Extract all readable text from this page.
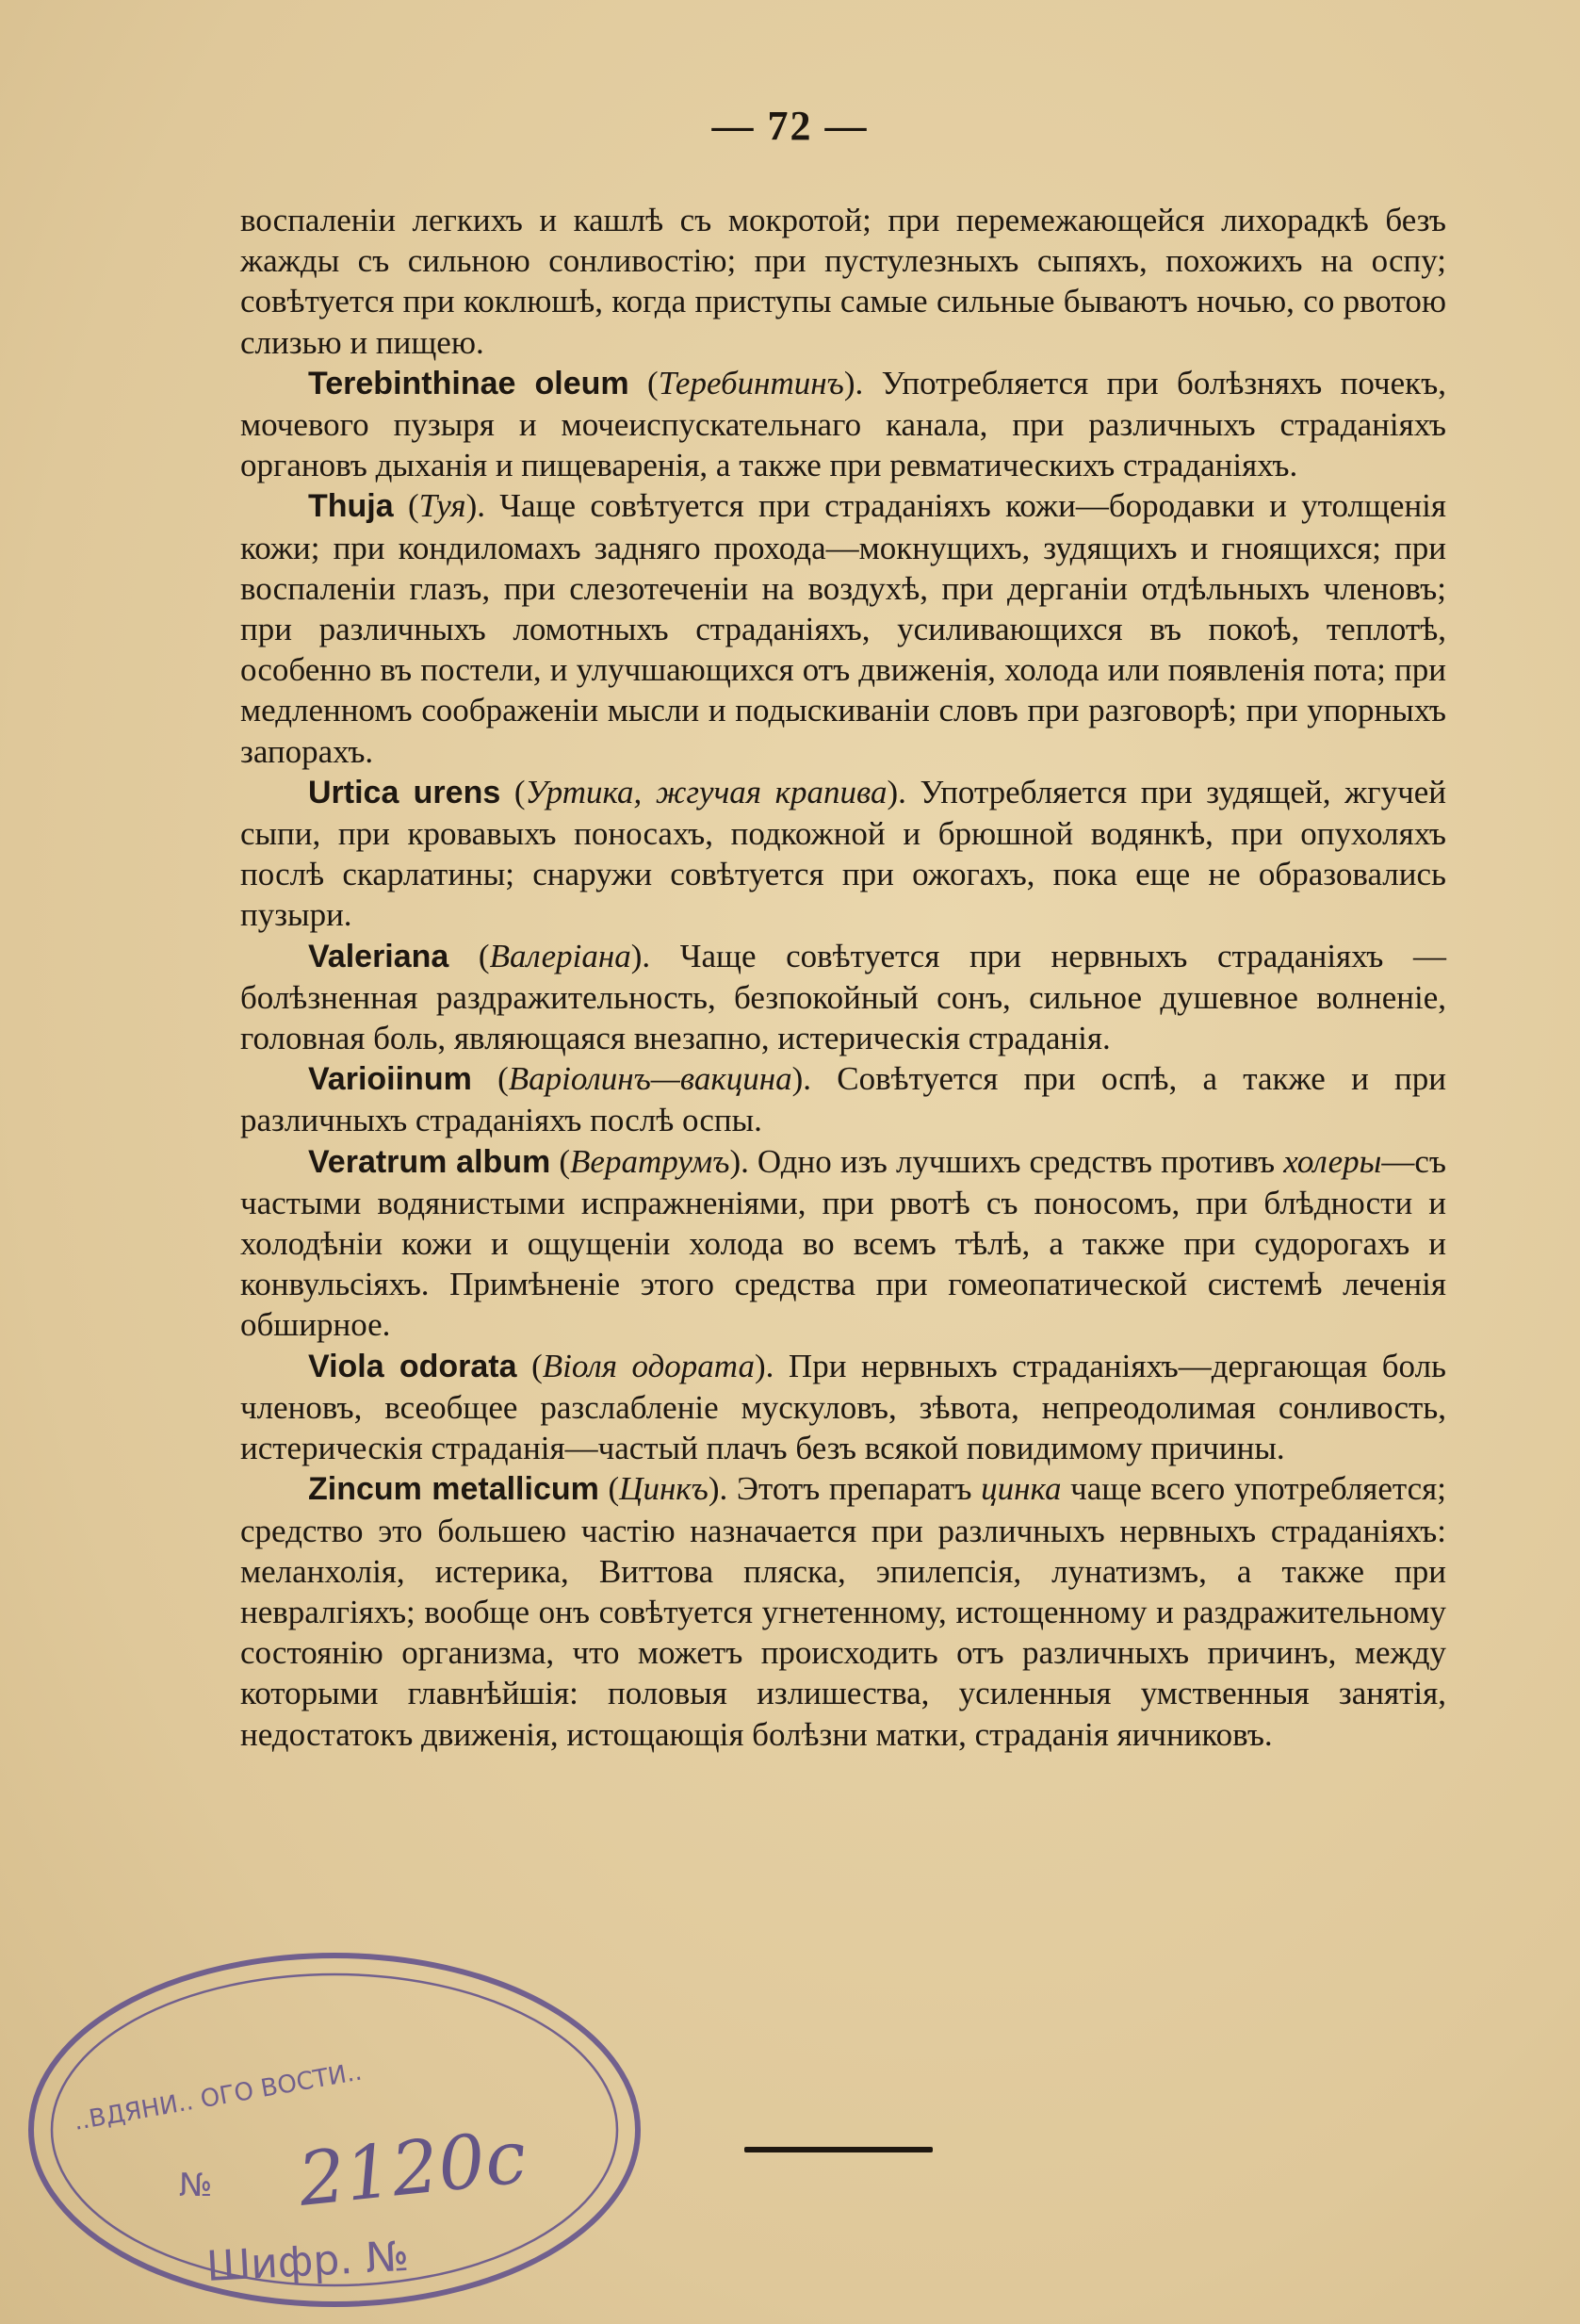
— 72 —

воспаленіи легкихъ и кашлѣ съ мокротой; при перемежающейся лихорадкѣ безъ жажды съ сильною сонливостію; при пустулезныхъ сыпяхъ, похожихъ на оспу; совѣтуется при коклюшѣ, когда приступы самые сильные бываютъ ночью, со рвотою слизью и пищею.

Terebinthinae oleum (Теребинтинъ). Употребляется при болѣзняхъ почекъ, мочевого пузыря и мочеиспускательнаго канала, при различныхъ страданіяхъ органовъ дыханія и пищеваренія, а также при ревматическихъ страданіяхъ.

Thuja (Туя). Чаще совѣтуется при страданіяхъ кожи—бородавки и утолщенія кожи; при кондиломахъ задняго прохода—мокнущихъ, зудящихъ и гноящихся; при воспаленіи глазъ, при слезотеченіи на воздухѣ, при дерганіи отдѣльныхъ членовъ; при различныхъ ломотныхъ страданіяхъ, усиливающихся въ покоѣ, теплотѣ, особенно въ постели, и улучшающихся отъ движенія, холода или появленія пота; при медленномъ соображеніи мысли и подыскиваніи словъ при разговорѣ; при упорныхъ запорахъ.

Urtica urens (Уртика, жгучая крапива). Употребляется при зудящей, жгучей сыпи, при кровавыхъ поносахъ, подкожной и брюшной водянкѣ, при опухоляхъ послѣ скарлатины; снаружи совѣтуется при ожогахъ, пока еще не образовались пузыри.

Valeriana (Валеріана). Чаще совѣтуется при нервныхъ страданіяхъ — болѣзненная раздражительность, безпокойный сонъ, сильное душевное волненіе, головная боль, являющаяся внезапно, истерическія страданія.

Varioiinum (Варіолинъ—вакцина). Совѣтуется при оспѣ, а также и при различныхъ страданіяхъ послѣ оспы.

Veratrum album (Вератрумъ). Одно изъ лучшихъ средствъ противъ холеры—съ частыми водянистыми испражненіями, при рвотѣ съ поносомъ, при блѣдности и холодѣніи кожи и ощущеніи холода во всемъ тѣлѣ, а также при судорогахъ и конвульсіяхъ. Примѣненіе этого средства при гомеопатической системѣ леченія обширное.

Viola odorata (Віоля одората). При нервныхъ страданіяхъ—дергающая боль членовъ, всеобщее разслабленіе мускуловъ, зѣвота, непреодолимая сонливость, истерическія страданія—частый плачъ безъ всякой повидимому причины.

Zincum metallicum (Цинкъ). Этотъ препаратъ цинка чаще всего употребляется; средство это большею частію назначается при различныхъ нервныхъ страданіяхъ: меланхолія, истерика, Виттова пляска, эпилепсія, лунатизмъ, а также при невралгіяхъ; вообще онъ совѣтуется угнетенному, истощенному и раздражительному состоянію организма, что можетъ происходить отъ различныхъ причинъ, между которыми главнѣйшія: половыя излишества, усиленныя умственныя занятія, недостатокъ движенія, истощающія болѣзни матки, страданія яичниковъ.

..ВДЯНИ.. ОГО ВОСТИ..
№ 2120с
Шифр. №
